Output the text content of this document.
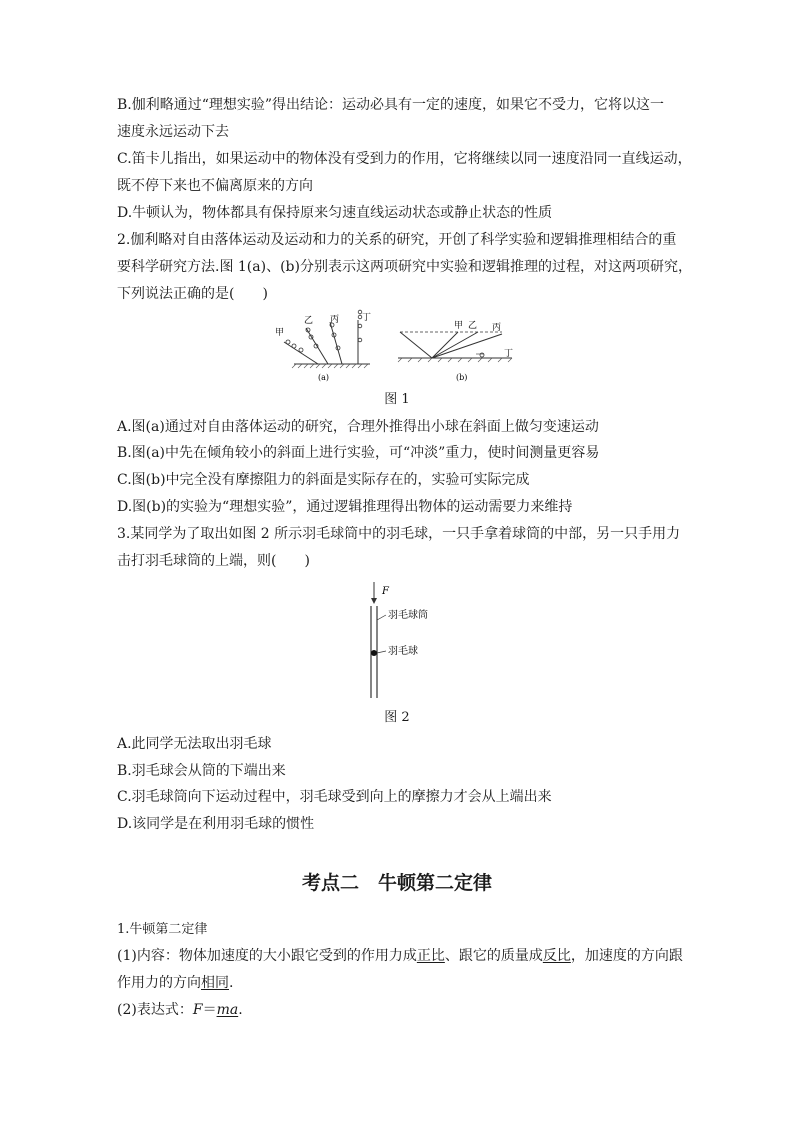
B.伽利略通过“理想实验”得出结论：运动必具有一定的速度，如果它不受力，它将以这一

速度永远运动下去

C.笛卡儿指出，如果运动中的物体没有受到力的作用，它将继续以同一速度沿同一直线运动，

既不停下来也不偏离原来的方向

D.牛顿认为，物体都具有保持原来匀速直线运动状态或静止状态的性质

2.伽利略对自由落体运动及运动和力的关系的研究，开创了科学实验和逻辑推理相结合的重

要科学研究方法.图 1(a)、(b)分别表示这两项研究中实验和逻辑推理的过程，对这两项研究，

下列说法正确的是(　　)

甲
乙 丙	丁
(a)
甲 乙 丙
丁
(b)
图 1

A.图(a)通过对自由落体运动的研究，合理外推得出小球在斜面上做匀变速运动

B.图(a)中先在倾角较小的斜面上进行实验，可“冲淡”重力，使时间测量更容易

C.图(b)中完全没有摩擦阻力的斜面是实际存在的，实验可实际完成

D.图(b)的实验为“理想实验”，通过逻辑推理得出物体的运动需要力来维持

3.某同学为了取出如图 2 所示羽毛球筒中的羽毛球，一只手拿着球筒的中部，另一只手用力

击打羽毛球筒的上端，则(　　)

F
羽毛球筒
羽毛球
图 2

A.此同学无法取出羽毛球

B.羽毛球会从筒的下端出来

C.羽毛球筒向下运动过程中，羽毛球受到向上的摩擦力才会从上端出来

D.该同学是在利用羽毛球的惯性

考点二　牛顿第二定律

1.牛顿第二定律

(1)内容：物体加速度的大小跟它受到的作用力成正比、跟它的质量成反比，加速度的方向跟

作用力的方向相同.

(2)表达式：F＝ma.
